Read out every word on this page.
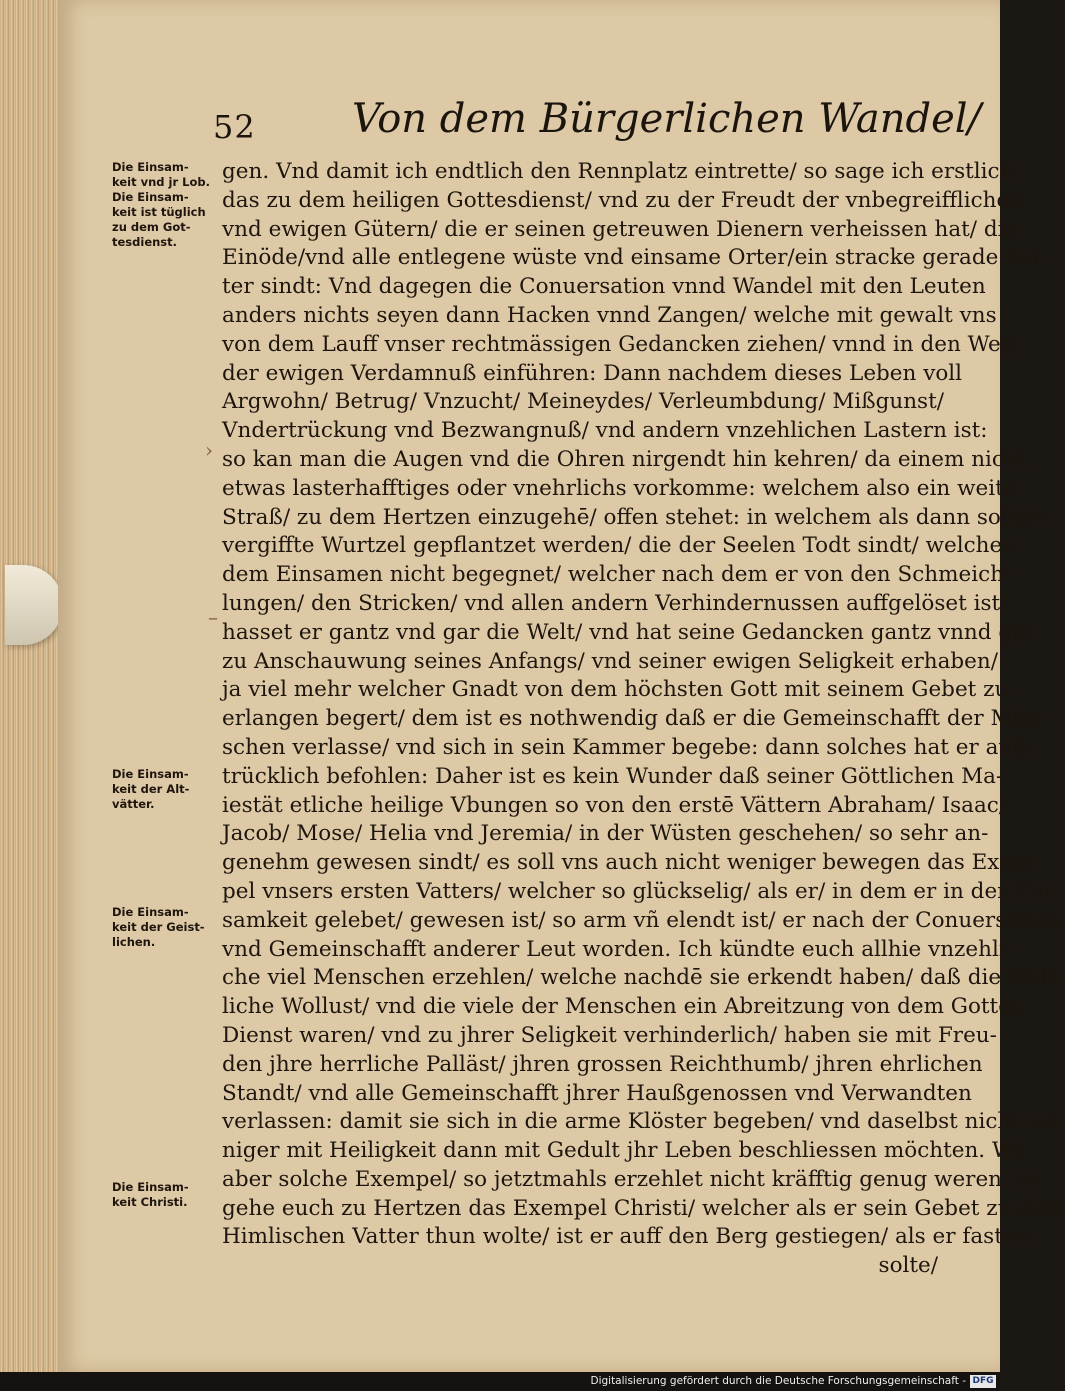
52 Von dem Bürgerlichen Wandel/
Die Einsam-
keit vnd jr Lob.
Die Einsam-
keit ist tüglich
zu dem Got-
tesdienst.
Die Einsam-
keit der Alt-
vätter.
Die Einsam-
keit der Geist-
lichen.
Die Einsam-
keit Christi.
›
–
gen. Vnd damit ich endtlich den Rennplatz eintrette/ so sage ich erstlich
das zu dem heiligen Gottesdienst/ vnd zu der Freudt der vnbegreifflichen
vnd ewigen Gütern/ die er seinen getreuwen Dienern verheissen hat/ die
Einöde/vnd alle entlegene wüste vnd einsame Orter/ein stracke gerade Lei-
ter sindt: Vnd dagegen die Conuersation vnnd Wandel mit den Leuten
anders nichts seyen dann Hacken vnnd Zangen/ welche mit gewalt vns
von dem Lauff vnser rechtmässigen Gedancken ziehen/ vnnd in den Weg
der ewigen Verdamnuß einführen: Dann nachdem dieses Leben voll
Argwohn/ Betrug/ Vnzucht/ Meineydes/ Verleumbdung/ Mißgunst/
Vndertrückung vnd Bezwangnuß/ vnd andern vnzehlichen Lastern ist:
so kan man die Augen vnd die Ohren nirgendt hin kehren/ da einem nicht
etwas lasterhafftiges oder vnehrlichs vorkomme: welchem also ein weite
Straß/ zu dem Hertzen einzugehē/ offen stehet: in welchem als dann solche
vergiffte Wurtzel gepflantzet werden/ die der Seelen Todt sindt/ welches
dem Einsamen nicht begegnet/ welcher nach dem er von den Schmeich-
lungen/ den Stricken/ vnd allen andern Verhindernussen auffgelöset ist/
hasset er gantz vnd gar die Welt/ vnd hat seine Gedancken gantz vnnd gar
zu Anschauwung seines Anfangs/ vnd seiner ewigen Seligkeit erhaben/
ja viel mehr welcher Gnadt von dem höchsten Gott mit seinem Gebet zu-
erlangen begert/ dem ist es nothwendig daß er die Gemeinschafft der Men-
schen verlasse/ vnd sich in sein Kammer begebe: dann solches hat er auß-
trücklich befohlen: Daher ist es kein Wunder daß seiner Göttlichen Ma-
iestät etliche heilige Vbungen so von den erstē Vättern Abraham/ Isaac/
Jacob/ Mose/ Helia vnd Jeremia/ in der Wüsten geschehen/ so sehr an-
genehm gewesen sindt/ es soll vns auch nicht weniger bewegen das Exem-
pel vnsers ersten Vatters/ welcher so glückselig/ als er/ in dem er in der Ein-
samkeit gelebet/ gewesen ist/ so arm vñ elendt ist/ er nach der Conuersation
vnd Gemeinschafft anderer Leut worden. Ich kündte euch allhie vnzehli-
che viel Menschen erzehlen/ welche nachdē sie erkendt haben/ daß die Welt-
liche Wollust/ vnd die viele der Menschen ein Abreitzung von dem Gottes
Dienst waren/ vnd zu jhrer Seligkeit verhinderlich/ haben sie mit Freu-
den jhre herrliche Palläst/ jhren grossen Reichthumb/ jhren ehrlichen
Standt/ vnd alle Gemeinschafft jhrer Haußgenossen vnd Verwandten
verlassen: damit sie sich in die arme Klöster begeben/ vnd daselbst nicht we-
niger mit Heiligkeit dann mit Gedult jhr Leben beschliessen möchten. Wo
aber solche Exempel/ so jetztmahls erzehlet nicht kräfftig genug weren: so
gehe euch zu Hertzen das Exempel Christi/ welcher als er sein Gebet zu dem
Himlischen Vatter thun wolte/ ist er auff den Berg gestiegen/ als er fasten
solte/
Digitalisierung gefördert durch die Deutsche Forschungsgemeinschaft - DFG
